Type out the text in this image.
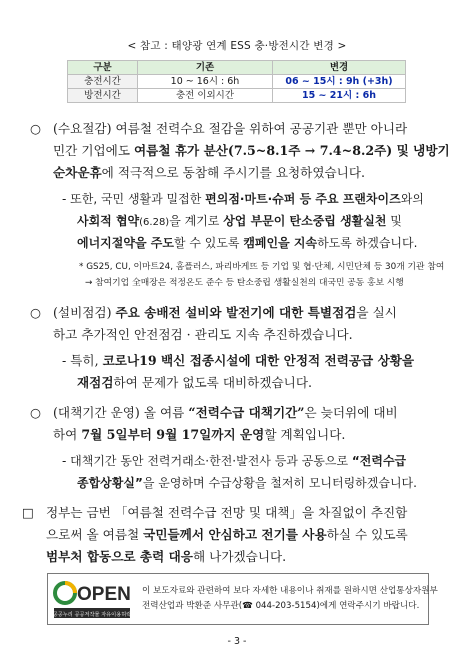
< 참고 : 태양광 연계 ESS 충·방전시간 변경 >
구분	기존	변경
충전시간	10 ~ 16시 : 6h	06 ~ 15시 : 9h (+3h)
방전시간	충전 이외시간	15 ~ 21시 : 6h
○ (수요절감) 여름철 전력수요 절감을 위하여 공공기관 뿐만 아니라
민간 기업에도 여름철 휴가 분산(7.5~8.1주 → 7.4~8.2주) 및 냉방기
순차운휴에 적극적으로 동참해 주시기를 요청하였습니다.
- 또한, 국민 생활과 밀접한 편의점·마트·슈퍼 등 주요 프랜차이즈와의
사회적 협약(6.28)을 계기로 상업 부문이 탄소중립 생활실천 및
에너지절약을 주도할 수 있도록 캠페인을 지속하도록 하겠습니다.
* GS25, CU, 이마트24, 홈플러스, 파리바게뜨 등 기업 및 협·단체, 시민단체 등 30개 기관 참여
→ 참여기업 全매장은 적정온도 준수 등 탄소중립 생활실천의 대국민 공동 홍보 시행
○ (설비점검) 주요 송배전 설비와 발전기에 대한 특별점검을 실시
하고 추가적인 안전점검 · 관리도 지속 추진하겠습니다.
- 특히, 코로나19 백신 접종시설에 대한 안정적 전력공급 상황을
재점검하여 문제가 없도록 대비하겠습니다.
○ (대책기간 운영) 올 여름 “전력수급 대책기간”은 늦더위에 대비
하여 7월 5일부터 9월 17일까지 운영할 계획입니다.
- 대책기간 동안 전력거래소·한전·발전사 등과 공동으로 “전력수급
종합상황실”을 운영하며 수급상황을 철저히 모니터링하겠습니다.
□ 정부는 금번 「여름철 전력수급 전망 및 대책」을 차질없이 추진함
으로써 올 여름철 국민들께서 안심하고 전기를 사용하실 수 있도록
범부처 합동으로 총력 대응해 나가겠습니다.
OPEN
공공누리 공공저작물 자유이용허락
이 보도자료와 관련하여 보다 자세한 내용이나 취재를 원하시면 산업통상자원부
전력산업과 박환준 사무관(☎ 044-203-5154)에게 연락주시기 바랍니다.
- 3 -
